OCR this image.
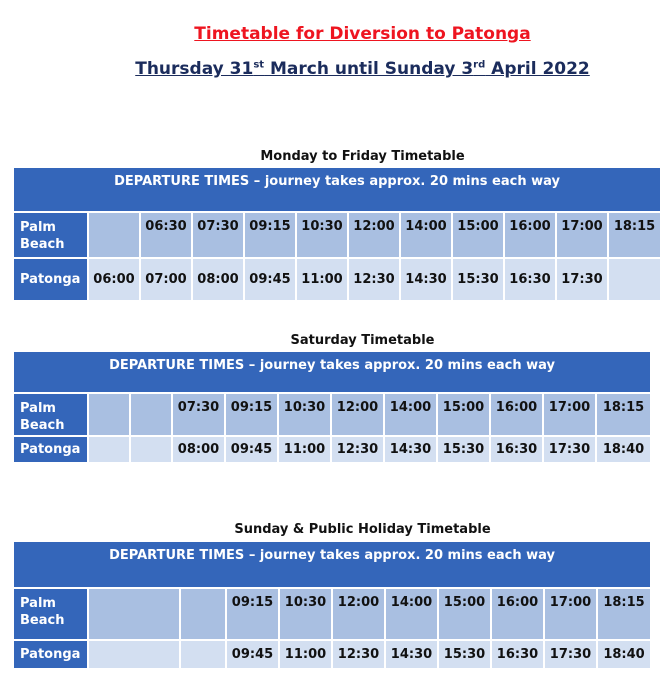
Timetable for Diversion to Patonga
Thursday 31st March until Sunday 3rd April 2022
Monday to Friday Timetable
Saturday Timetable
Sunday & Public Holiday Timetable
DEPARTURE TIMES – journey takes approx. 20 mins each way											
Palm Beach		06:30	07:30	09:15	10:30	12:00	14:00	15:00	16:00	17:00	18:15
Patonga	06:00	07:00	08:00	09:45	11:00	12:30	14:30	15:30	16:30	17:30	
DEPARTURE TIMES – journey takes approx. 20 mins each way											
Palm Beach			07:30	09:15	10:30	12:00	14:00	15:00	16:00	17:00	18:15
Patonga			08:00	09:45	11:00	12:30	14:30	15:30	16:30	17:30	18:40
DEPARTURE TIMES – journey takes approx. 20 mins each way										
Palm Beach			09:15	10:30	12:00	14:00	15:00	16:00	17:00	18:15
Patonga			09:45	11:00	12:30	14:30	15:30	16:30	17:30	18:40
